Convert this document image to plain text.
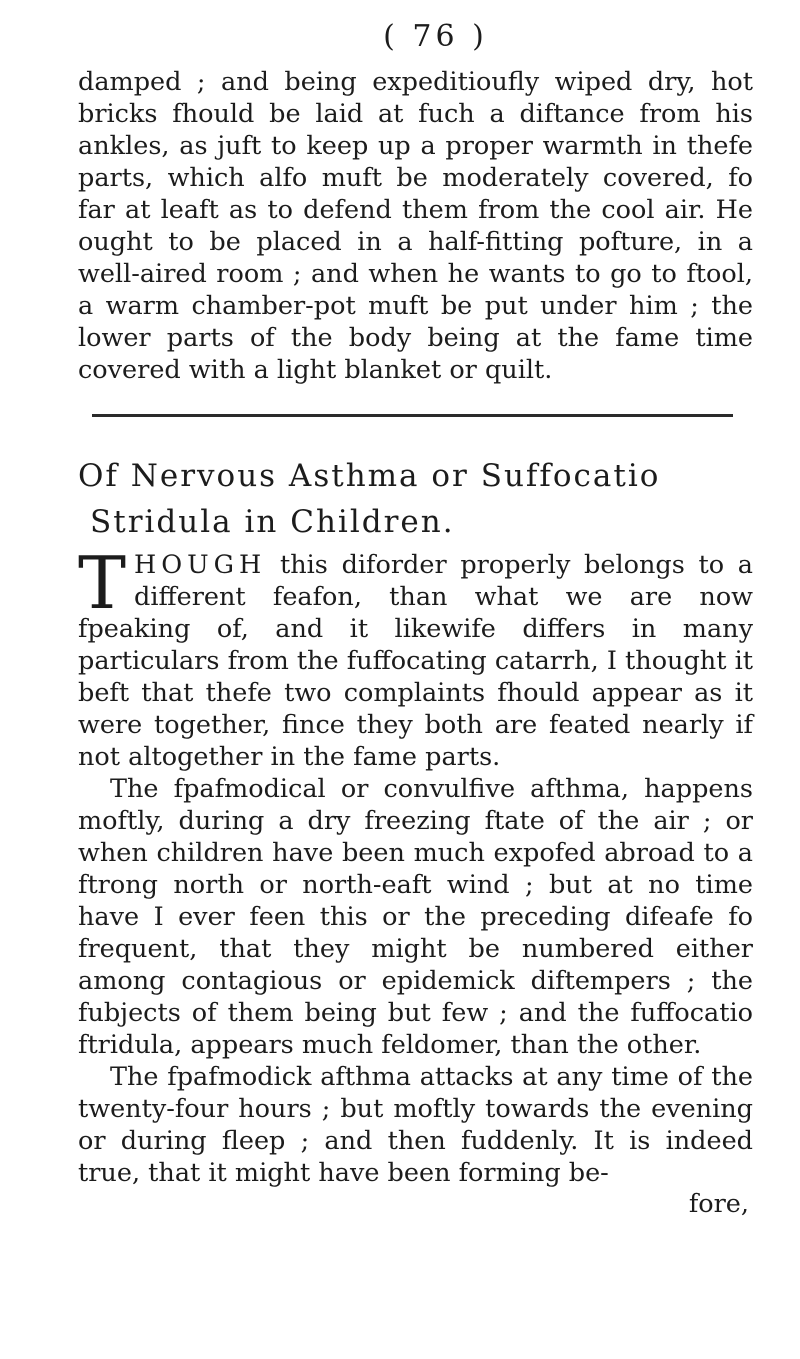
( 76 )

damped ; and being expeditioufly wiped dry, hot bricks fhould be laid at fuch a diftance from his ankles, as juft to keep up a proper warmth in thefe parts, which alfo muft be moderately covered, fo far at leaft as to defend them from the cool air. He ought to be placed in a half-fitting pofture, in a well-aired room ; and when he wants to go to ftool, a warm chamber-pot muft be put under him ; the lower parts of the body being at the fame time covered with a light blanket or quilt.

Of Nervous Asthma or Suffocatio
Stridula in Children.

THOUGH this diforder properly belongs to a different feafon, than what we are now fpeaking of, and it likewife differs in many particulars from the fuffocating catarrh, I thought it beft that thefe two complaints fhould appear as it were together, fince they both are feated nearly if not altogether in the fame parts.

The fpafmodical or convulfive afthma, happens moftly, during a dry freezing ftate of the air ; or when children have been much expofed abroad to a ftrong north or north-eaft wind ; but at no time have I ever feen this or the preceding difeafe fo frequent, that they might be numbered either among contagious or epidemick diftempers ; the fubjects of them being but few ; and the fuffocatio ftridula, appears much feldomer, than the other.

The fpafmodick afthma attacks at any time of the twenty-four hours ; but moftly towards the evening or during fleep ; and then fuddenly. It is indeed true, that it might have been forming be-

fore,
